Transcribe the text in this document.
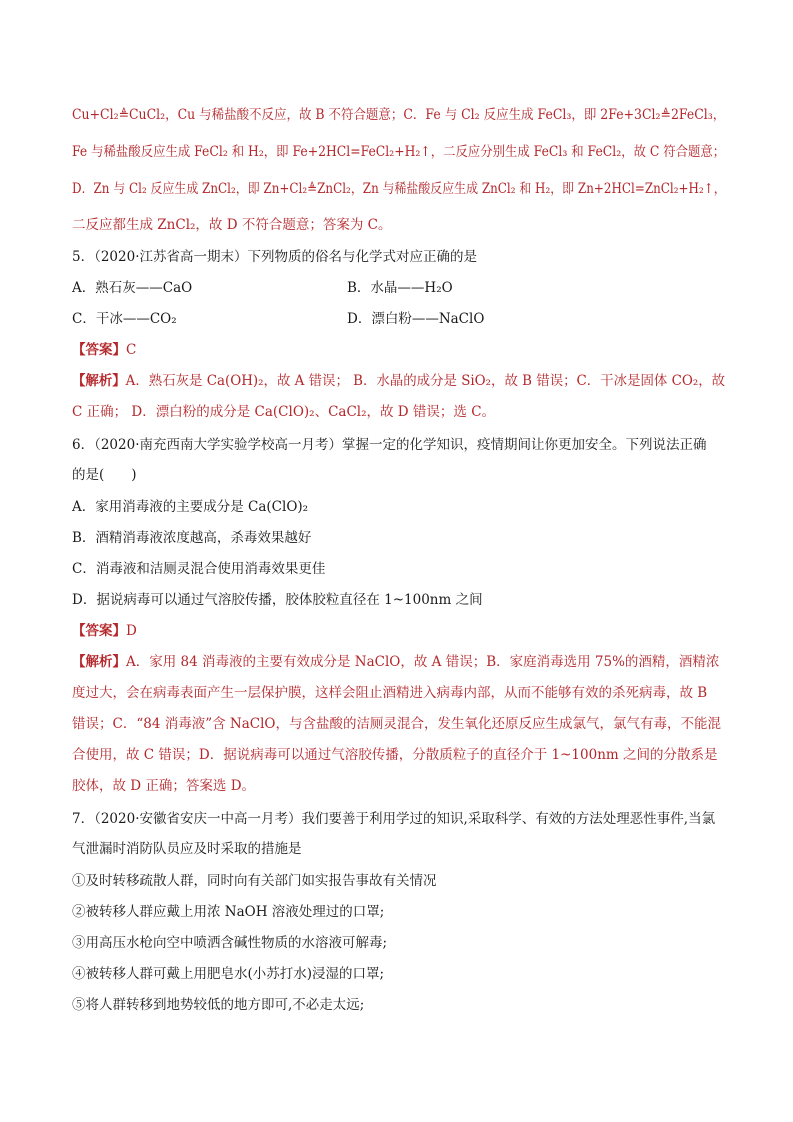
Cu+Cl₂≜CuCl₂，Cu 与稀盐酸不反应，故 B 不符合题意；C．Fe 与 Cl₂ 反应生成 FeCl₃，即 2Fe+3Cl₂≜2FeCl₃，
Fe 与稀盐酸反应生成 FeCl₂ 和 H₂，即 Fe+2HCl=FeCl₂+H₂↑，二反应分别生成 FeCl₃ 和 FeCl₂，故 C 符合题意；
D．Zn 与 Cl₂ 反应生成 ZnCl₂，即 Zn+Cl₂≜ZnCl₂，Zn 与稀盐酸反应生成 ZnCl₂ 和 H₂，即 Zn+2HCl=ZnCl₂+H₂↑，
二反应都生成 ZnCl₂，故 D 不符合题意；答案为 C。
5．（2020·江苏省高一期末）下列物质的俗名与化学式对应正确的是
A．熟石灰——CaO	B．水晶——H₂O
C．干冰——CO₂	D．漂白粉——NaClO
【答案】C
【解析】A．熟石灰是 Ca(OH)₂，故 A 错误； B．水晶的成分是 SiO₂，故 B 错误；C．干冰是固体 CO₂，故
C 正确； D．漂白粉的成分是 Ca(ClO)₂、CaCl₂，故 D 错误；选 C。
6．（2020·南充西南大学实验学校高一月考）掌握一定的化学知识，疫情期间让你更加安全。下列说法正确
的是(　　)
A．家用消毒液的主要成分是 Ca(ClO)₂
B．酒精消毒液浓度越高，杀毒效果越好
C．消毒液和洁厕灵混合使用消毒效果更佳
D．据说病毒可以通过气溶胶传播，胶体胶粒直径在 1~100nm 之间
【答案】D
【解析】A．家用 84 消毒液的主要有效成分是 NaClO，故 A 错误；B．家庭消毒选用 75%的酒精，酒精浓
度过大，会在病毒表面产生一层保护膜，这样会阻止酒精进入病毒内部，从而不能够有效的杀死病毒，故 B
错误；C．“84 消毒液”含 NaClO，与含盐酸的洁厕灵混合，发生氧化还原反应生成氯气，氯气有毒，不能混
合使用，故 C 错误；D．据说病毒可以通过气溶胶传播，分散质粒子的直径介于 1~100nm 之间的分散系是
胶体，故 D 正确；答案选 D。
7．（2020·安徽省安庆一中高一月考）我们要善于利用学过的知识,采取科学、有效的方法处理恶性事件,当氯
气泄漏时消防队员应及时采取的措施是
①及时转移疏散人群，同时向有关部门如实报告事故有关情况
②被转移人群应戴上用浓 NaOH 溶液处理过的口罩;
③用高压水枪向空中喷洒含碱性物质的水溶液可解毒;
④被转移人群可戴上用肥皂水(小苏打水)浸湿的口罩;
⑤将人群转移到地势较低的地方即可,不必走太远;
